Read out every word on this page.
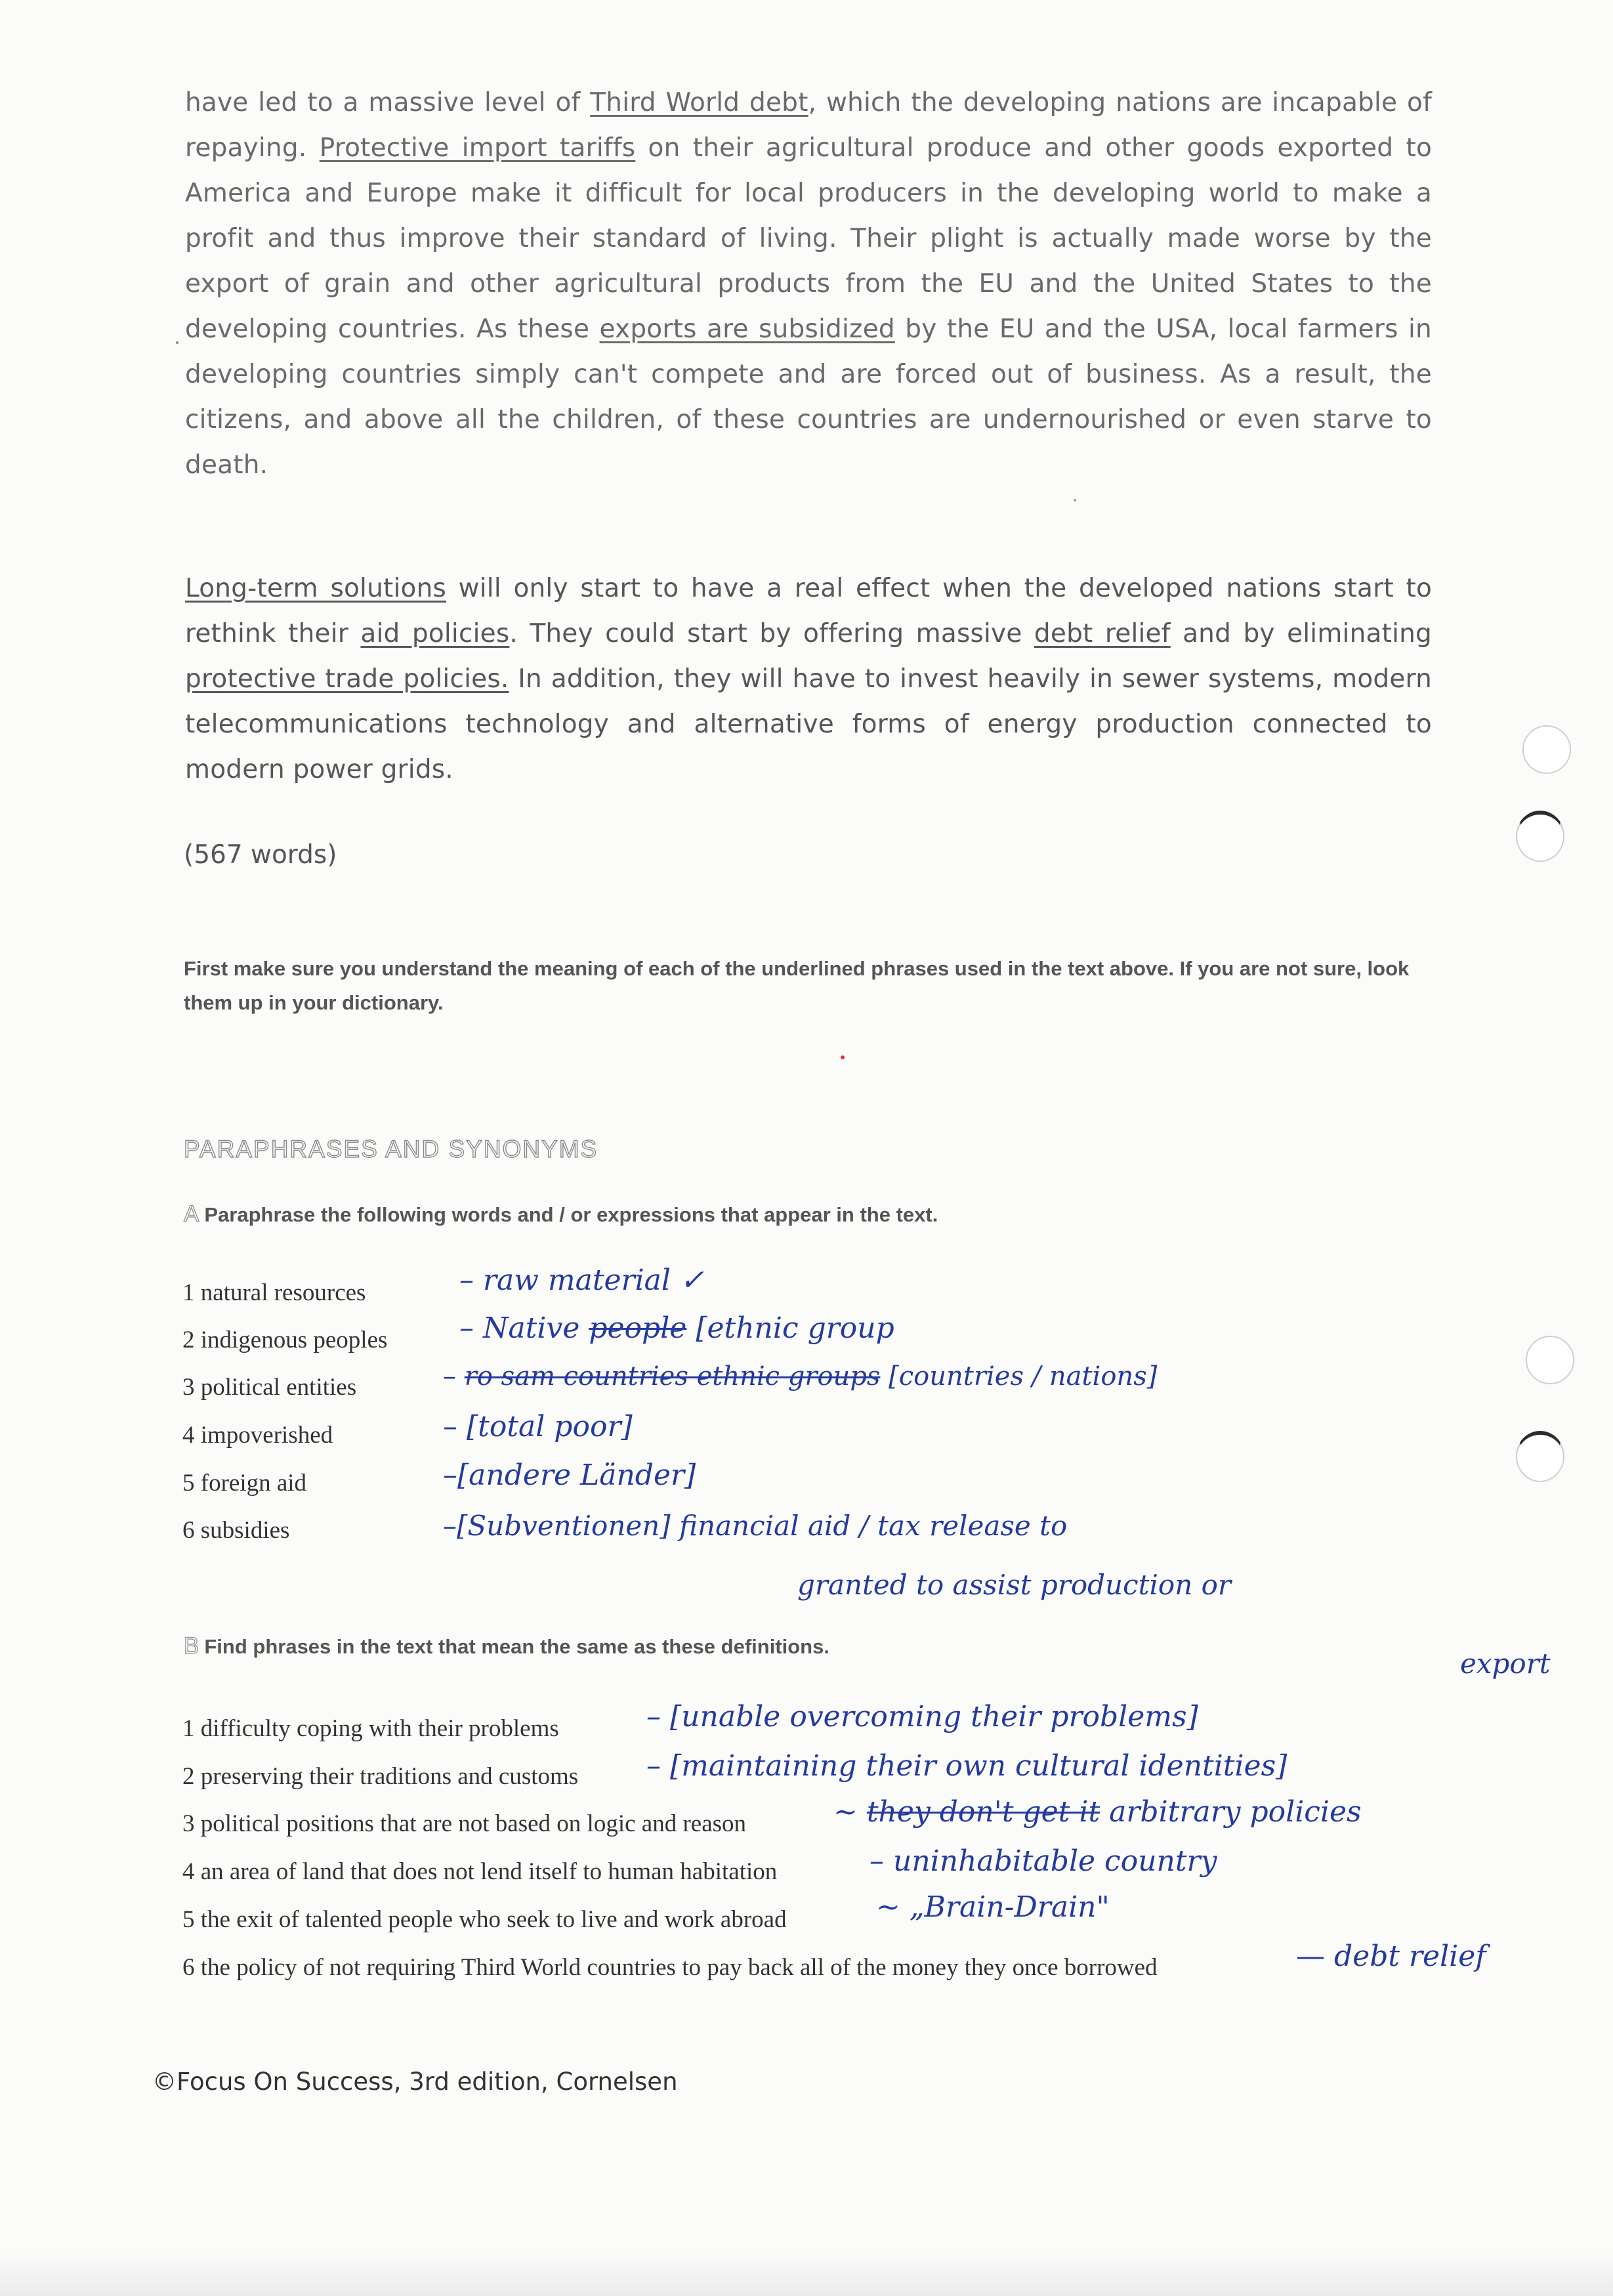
have led to a massive level of Third World debt, which the developing nations are incapable of repaying. Protective import tariffs on their agricultural produce and other goods exported to America and Europe make it difficult for local producers in the developing world to make a profit and thus improve their standard of living. Their plight is actually made worse by the export of grain and other agricultural products from the EU and the United States to the developing countries. As these exports are subsidized by the EU and the USA, local farmers in developing countries simply can't compete and are forced out of business. As a result, the citizens, and above all the children, of these countries are undernourished or even starve to death.
Long-term solutions will only start to have a real effect when the developed nations start to rethink their aid policies. They could start by offering massive debt relief and by eliminating protective trade policies. In addition, they will have to invest heavily in sewer systems, modern telecommunications technology and alternative forms of energy production connected to modern power grids.
(567 words)
First make sure you understand the meaning of each of the underlined phrases used in the text above. If you are not sure, look them up in your dictionary.
PARAPHRASES AND SYNONYMS
A Paraphrase the following words and / or expressions that appear in the text.
1 natural resources
2 indigenous peoples
3 political entities
4 impoverished
5 foreign aid
6 subsidies
– raw material ✓
– Native people [ethnic group
– ro sam countries ethnic groups [countries / nations]
– [total poor]
–[andere Länder]
–[Subventionen] financial aid / tax release to
granted to assist production or
export
B Find phrases in the text that mean the same as these definitions.
1 difficulty coping with their problems
2 preserving their traditions and customs
3 political positions that are not based on logic and reason
4 an area of land that does not lend itself to human habitation
5 the exit of talented people who seek to live and work abroad
6 the policy of not requiring Third World countries to pay back all of the money they once borrowed
– [unable overcoming their problems]
– [maintaining their own cultural identities]
~ they don't get it arbitrary policies
– uninhabitable country
~ „Brain-Drain"
— debt relief
©Focus On Success, 3rd edition, Cornelsen
